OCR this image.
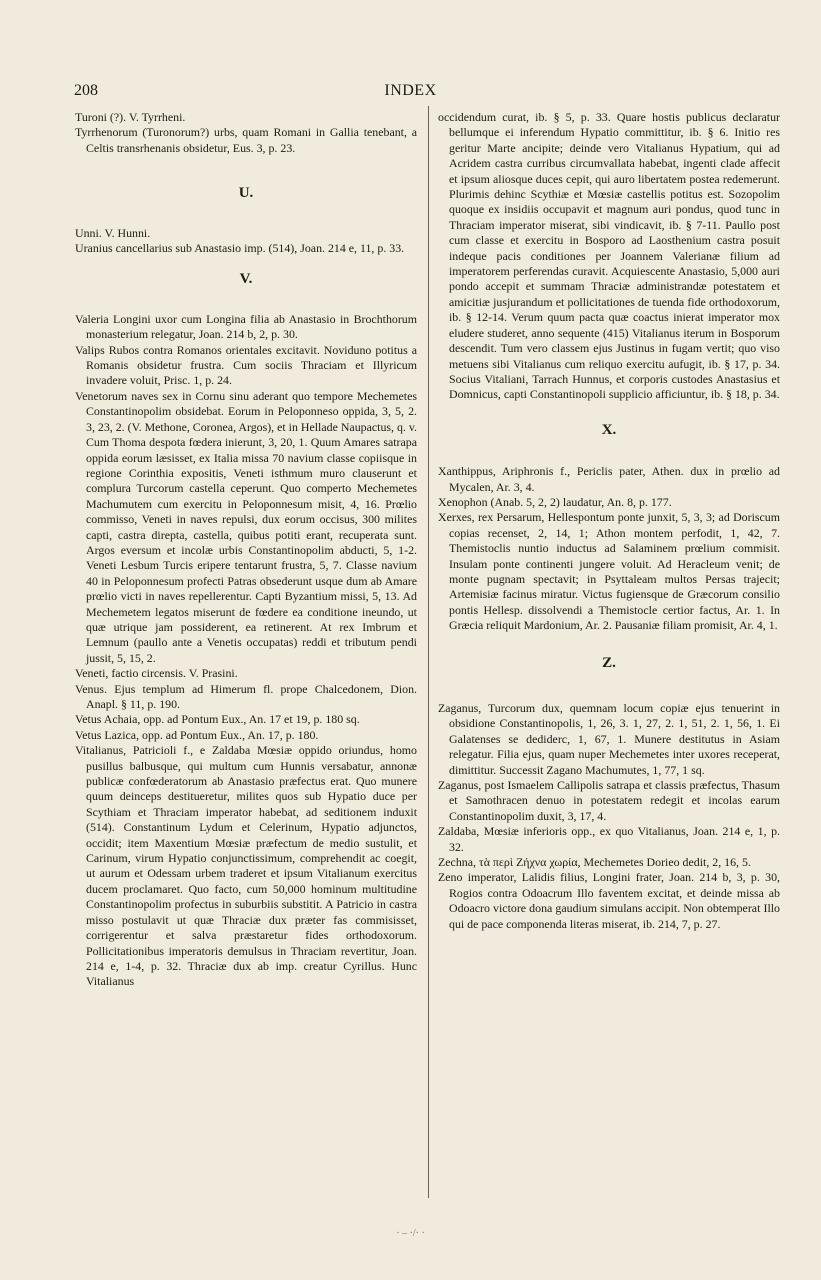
208	INDEX

Turoni (?). V. Tyrrheni.

Tyrrhenorum (Turonorum?) urbs, quam Romani in Gallia tenebant, a Celtis transrhenanis obsidetur, Eus. 3, p. 23.

U.

Unni. V. Hunni.

Uranius cancellarius sub Anastasio imp. (514), Joan. 214 e, 11, p. 33.

V.

Valeria Longini uxor cum Longina filia ab Anastasio in Brochthorum monasterium relegatur, Joan. 214 b, 2, p. 30.

Valips Rubos contra Romanos orientales excitavit. Noviduno potitus a Romanis obsidetur frustra. Cum sociis Thraciam et Illyricum invadere voluit, Prisc. 1, p. 24.

Venetorum naves sex in Cornu sinu aderant quo tempore Mechemetes Constantinopolim obsidebat. Eorum in Peloponneso oppida, 3, 5, 2. 3, 23, 2. (V. Methone, Coronea, Argos), et in Hellade Naupactus, q. v. Cum Thoma despota fœdera inierunt, 3, 20, 1. Quum Amares satrapa oppida eorum læsisset, ex Italia missa 70 navium classe copiisque in regione Corinthia expositis, Veneti isthmum muro clauserunt et complura Turcorum castella ceperunt. Quo comperto Mechemetes Machumutem cum exercitu in Peloponnesum misit, 4, 16. Prœlio commisso, Veneti in naves repulsi, dux eorum occisus, 300 milites capti, castra direpta, castella, quibus potiti erant, recuperata sunt. Argos eversum et incolæ urbis Constantinopolim abducti, 5, 1-2. Veneti Lesbum Turcis eripere tentarunt frustra, 5, 7. Classe navium 40 in Peloponnesum profecti Patras obsederunt usque dum ab Amare prœlio victi in naves repellerentur. Capti Byzantium missi, 5, 13. Ad Mechemetem legatos miserunt de fœdere ea conditione ineundo, ut quæ utrique jam possiderent, ea retinerent. At rex Imbrum et Lemnum (paullo ante a Venetis occupatas) reddi et tributum pendi jussit, 5, 15, 2.

Veneti, factio circensis. V. Prasini.

Venus. Ejus templum ad Himerum fl. prope Chalcedonem, Dion. Anapl. § 11, p. 190.

Vetus Achaia, opp. ad Pontum Eux., An. 17 et 19, p. 180 sq.

Vetus Lazica, opp. ad Pontum Eux., An. 17, p. 180.

Vitalianus, Patricioli f., e Zaldaba Mœsiæ oppido oriundus, homo pusillus balbusque, qui multum cum Hunnis versabatur, annonæ publicæ confœderatorum ab Anastasio præfectus erat. Quo munere quum deinceps destitueretur, milites quos sub Hypatio duce per Scythiam et Thraciam imperator habebat, ad seditionem induxit (514). Constantinum Lydum et Celerinum, Hypatio adjunctos, occidit; item Maxentium Mœsiæ præfectum de medio sustulit, et Carinum, virum Hypatio conjunctissimum, comprehendit ac coegit, ut aurum et Odessam urbem traderet et ipsum Vitalianum exercitus ducem proclamaret. Quo facto, cum 50,000 hominum multitudine Constantinopolim profectus in suburbiis substitit. A Patricio in castra misso postulavit ut quæ Thraciæ dux præter fas commisisset, corrigerentur et salva præstaretur fides orthodoxorum. Pollicitationibus imperatoris demulsus in Thraciam revertitur, Joan. 214 e, 1-4, p. 32. Thraciæ dux ab imp. creatur Cyrillus. Hunc Vitalianus

occidendum curat, ib. § 5, p. 33. Quare hostis publicus declaratur bellumque ei inferendum Hypatio committitur, ib. § 6. Initio res geritur Marte ancipite; deinde vero Vitalianus Hypatium, qui ad Acridem castra curribus circumvallata habebat, ingenti clade affecit et ipsum aliosque duces cepit, qui auro libertatem postea redemerunt. Plurimis dehinc Scythiæ et Mœsiæ castellis potitus est. Sozopolim quoque ex insidiis occupavit et magnum auri pondus, quod tunc in Thraciam imperator miserat, sibi vindicavit, ib. § 7-11. Paullo post cum classe et exercitu in Bosporo ad Laosthenium castra posuit indeque pacis conditiones per Joannem Valerianæ filium ad imperatorem perferendas curavit. Acquiescente Anastasio, 5,000 auri pondo accepit et summam Thraciæ administrandæ potestatem et amicitiæ jusjurandum et pollicitationes de tuenda fide orthodoxorum, ib. § 12-14. Verum quum pacta quæ coactus inierat imperator mox eludere studeret, anno sequente (415) Vitalianus iterum in Bosporum descendit. Tum vero classem ejus Justinus in fugam vertit; quo viso metuens sibi Vitalianus cum reliquo exercitu aufugit, ib. § 17, p. 34. Socius Vitaliani, Tarrach Hunnus, et corporis custodes Anastasius et Domnicus, capti Constantinopoli supplicio afficiuntur, ib. § 18, p. 34.

X.

Xanthippus, Ariphronis f., Periclis pater, Athen. dux in prœlio ad Mycalen, Ar. 3, 4.

Xenophon (Anab. 5, 2, 2) laudatur, An. 8, p. 177.

Xerxes, rex Persarum, Hellespontum ponte junxit, 5, 3, 3; ad Doriscum copias recenset, 2, 14, 1; Athon montem perfodit, 1, 42, 7. Themistoclis nuntio inductus ad Salaminem prœlium commisit. Insulam ponte continenti jungere voluit. Ad Heracleum venit; de monte pugnam spectavit; in Psyttaleam multos Persas trajecit; Artemisiæ facinus miratur. Victus fugiensque de Græcorum consilio pontis Hellesp. dissolvendi a Themistocle certior factus, Ar. 1. In Græcia reliquit Mardonium, Ar. 2. Pausaniæ filiam promisit, Ar. 4, 1.

Z.

Zaganus, Turcorum dux, quemnam locum copiæ ejus tenuerint in obsidione Constantinopolis, 1, 26, 3. 1, 27, 2. 1, 51, 2. 1, 56, 1. Ei Galatenses se dediderc, 1, 67, 1. Munere destitutus in Asiam relegatur. Filia ejus, quam nuper Mechemetes inter uxores receperat, dimittitur. Successit Zagano Machumutes, 1, 77, 1 sq.

Zaganus, post Ismaelem Callipolis satrapa et classis præfectus, Thasum et Samothracen denuo in potestatem redegit et incolas earum Constantinopolim duxit, 3, 17, 4.

Zaldaba, Mœsiæ inferioris opp., ex quo Vitalianus, Joan. 214 e, 1, p. 32.

Zechna, τὰ περὶ Ζήχνα χωρία, Mechemetes Dorieo dedit, 2, 16, 5.

Zeno imperator, Lalidis filius, Longini frater, Joan. 214 b, 3, p. 30, Rogios contra Odoacrum Illo faventem excitat, et deinde missa ab Odoacro victore dona gaudium simulans accipit. Non obtemperat Illo qui de pace componenda literas miserat, ib. 214, 7, p. 27.

· – ·/· ·
